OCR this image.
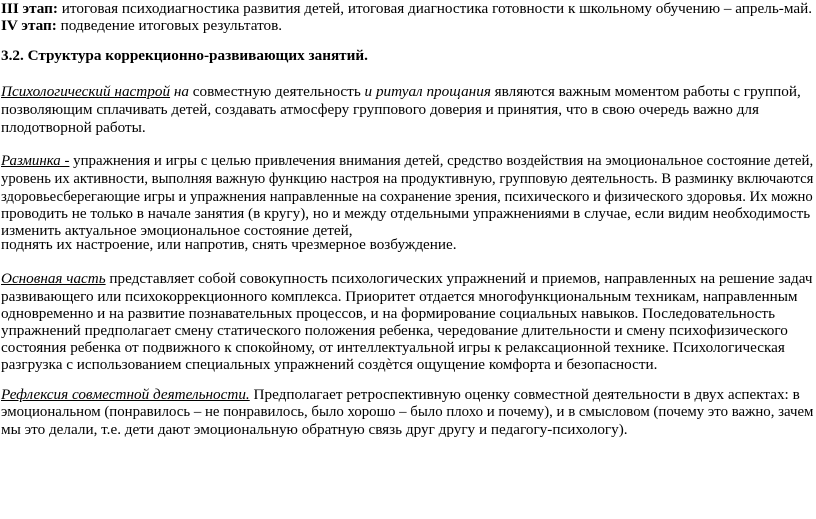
III этап: итоговая психодиагностика развития детей, итоговая диагностика готовности к школьному обучению – апрель-май.
IV этап: подведение итоговых результатов.
3.2. Структура коррекционно-развивающих занятий.
Психологический настрой на совместную деятельность и ритуал прощания являются важным моментом работы с группой,
позволяющим сплачивать детей, создавать атмосферу группового доверия и принятия, что в свою очередь важно для
плодотворной работы.
Разминка - упражнения и игры с целью привлечения внимания детей, средство воздействия на эмоциональное состояние детей,
уровень их активности, выполняя важную функцию настроя на продуктивную, групповую деятельность. В разминку включаются
здоровьесберегающие игры и упражнения направленные на сохранение зрения, психического и физического здоровья. Их можно
проводить не только в начале занятия (в кругу), но и между отдельными упражнениями в случае, если видим необходимость
изменить актуальное эмоциональное состояние детей,
поднять их настроение, или напротив, снять чрезмерное возбуждение.
Основная часть представляет собой совокупность психологических упражнений и приемов, направленных на решение задач
развивающего или психокоррекционного комплекса. Приоритет отдается многофункциональным техникам, направленным
одновременно и на развитие познавательных процессов, и на формирование социальных навыков. Последовательность
упражнений предполагает смену статического положения ребенка, чередование длительности и смену психофизического
состояния ребенка от подвижного к спокойному, от интеллектуальной игры к релаксационной технике. Психологическая
разгрузка с использованием специальных упражнений создѐтся ощущение комфорта и безопасности.
Рефлексия совместной деятельности. Предполагает ретроспективную оценку совместной деятельности в двух аспектах: в
эмоциональном (понравилось – не понравилось, было хорошо – было плохо и почему), и в смысловом (почему это важно, зачем
мы это делали, т.е. дети дают эмоциональную обратную связь друг другу и педагогу-психологу).
